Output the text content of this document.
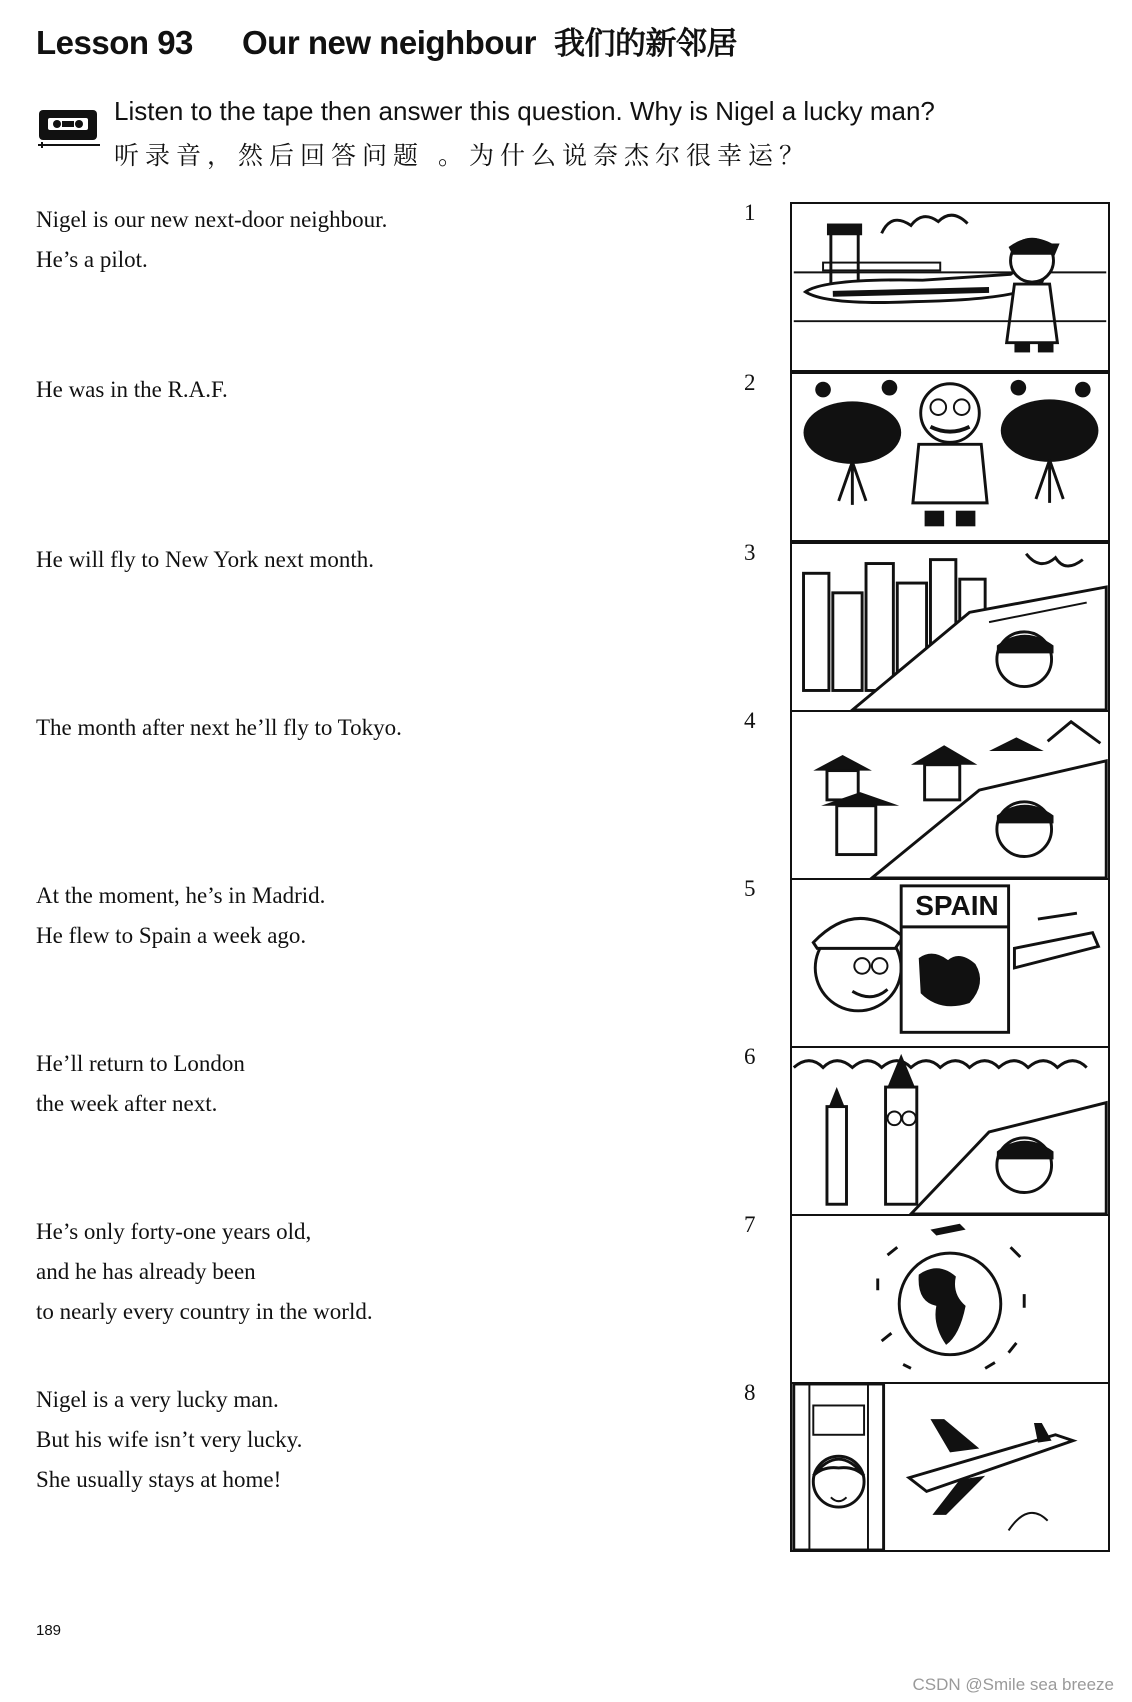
Lesson 93	Our new neighbour 我们的新邻居
Listen to the tape then answer this question. Why is Nigel a lucky man?
听录音，然后回答问题 。为什么说奈杰尔很幸运？
Nigel is our new next-door neighbour.
He’s a pilot.
1
He was in the R.A.F.	2
He will fly to New York next month.	3
The month after next he’ll fly to Tokyo.	4
At the moment, he’s in Madrid.
He flew to Spain a week ago.
5
SPAIN
He’ll return to London
the week after next.
6
He’s only forty-one years old,
and he has already been
to nearly every country in the world.
7
Nigel is a very lucky man.
But his wife isn’t very lucky.
She usually stays at home!
8
189
CSDN @Smile sea breeze
